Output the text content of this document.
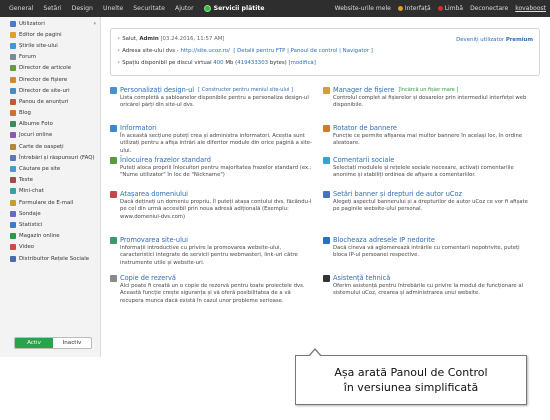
General	Setări	Design	Unelte	Securitate	Ajutor	Servicii plătite	Website-urile mele	Interfață	Limbă Deconectare kovaboost
Utilizatori	▾
Editor de pagini
Știrile site-ului
Forum
Director de articole
Director de fișiere
Director de site-uri
Panou de anunțuri
Blog
Albume Foto
Jocuri online
Carte de oaspeți
Întrebări și răspunsuri (FAQ)
Căutare pe site
Teste
Mini-chat
Formulare de E-mail
Sondaje
Statistici
Magazin online
Video
Distribuitor Rețele Sociale
Activ	Inactiv
• Salut,
Admin
[03.24.2016, 11:57 AM]
• Adresa site-ului dvs -
http://site.ucoz.ro/
[ Detalii pentru FTP | Panoul de control | Navigator ]
• Spațiu disponibil pe discul virtual
400
Mb ( 419433303
bytes)
[modifică]
Deveniți utilizator Premium
Personalizați design-ul [ Constructor pentru meniul site-ului ]
Lista completă a șabloanelor disponibile pentru a personaliza design-ul oricărei părți din site-ul dvs.
Manager de fișiere [încărcă un fișier mare ]
Controlul complet al fișierelor și dosarelor prin intermediul interfeței web disponibile.
Informatori
În această secțiune puteți crea și administra informatori. Aceștia sunt utilizați pentru a afișa intrări ale diferitor module din orice pagină a site-ului.
Rotator de bannere
Funcție ce permite afișarea mai multor bannere în același loc, în ordine aleatoare.
Înlocuirea frazelor standard
Puteți aloca propriii înlocuitori pentru majoritatea frazelor standard (ex.: "Nume utilizator" în loc de "Nickname")
Comentarii sociale
Selectați modulele și rețelele sociale necesare, activați comentariile anonime și stabiliți ordinea de afișare a comentariilor.
Atașarea domeniului
Dacă dețineți un domeniu propriu, îl puteți atașa contului dvs, făcându-l pe cel din urmă accesibil prin noua adresă adițională (Exemplu: www.domeniul-dvs.com)
Setări banner și drepturi de autor uCoz
Alegeți aspectul bannerului și a drepturilor de autor uCoz ce vor fi afișate pe paginile website-ului personal.
Promovarea site-ului
Informații introductive cu privire la promovarea website-ului, caracteristici integrate de servicii pentru webmasteri, link-uri către instrumente utile și website-uri.
Blocheaza adresele IP nedorite
Dacă cineva vă aglomerează intrările cu comentarii nepotrivite, puteți bloca IP-ul persoanei respective.
Copie de rezervă
Aici poate fi creată un o copie de rezervă pentru toate proiectele dvs. Această funcție crește siguranța și vă oferă posibilitatea de a vă recupera munca dacă există în cazul unor probleme serioase.
Asistență tehnică
Oferim asistență pentru întrebările cu privire la modul de funcționare al sistemului uCoz, crearea și administrarea unui website.
Așa arată Panoul de Control
în versiunea simplificată
